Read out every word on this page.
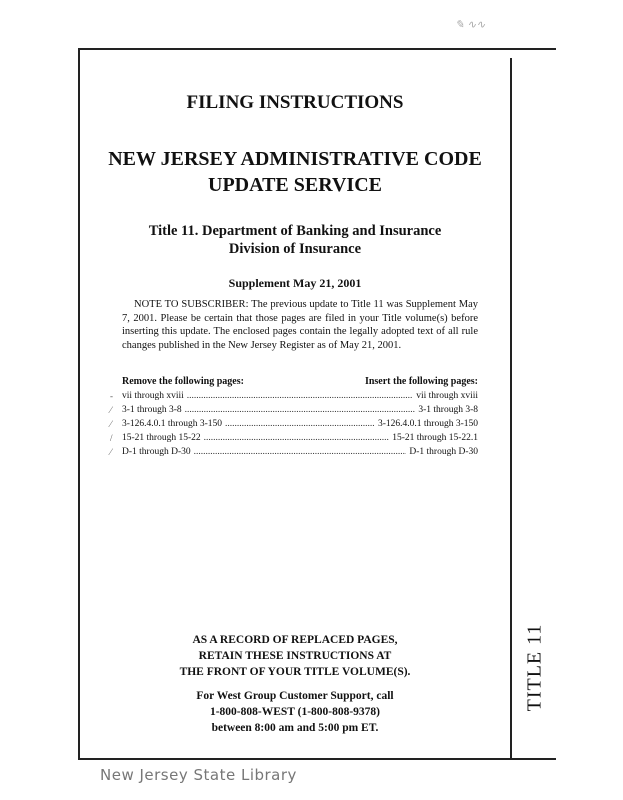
FILING INSTRUCTIONS
NEW JERSEY ADMINISTRATIVE CODE
UPDATE SERVICE
Title 11. Department of Banking and Insurance
Division of Insurance
Supplement May 21, 2001

NOTE TO SUBSCRIBER: The previous update to Title 11 was Supplement May 7, 2001. Please be certain that those pages are filed in your Title volume(s) before inserting this update. The enclosed pages contain the legally adopted text of all rule changes published in the New Jersey Register as of May 21, 2001.

Remove the following pages:	Insert the following pages:
‐ vii through xviii .....	vii through xviii
⁄ 3-1 through 3-8 .....	3-1 through 3-8
⁄ 3-126.4.0.1 through 3-150 .....	3-126.4.0.1 through 3-150
/ 15-21 through 15-22 .....	15-21 through 15-22.1
⁄ D-1 through D-30 .....	D-1 through D-30
AS A RECORD OF REPLACED PAGES,
RETAIN THESE INSTRUCTIONS AT
THE FRONT OF YOUR TITLE VOLUME(S).
For West Group Customer Support, call
1-800-808-WEST (1-800-808-9378)
between 8:00 am and 5:00 pm ET.
TITLE 11
✎ ∿∿
New Jersey State Library
